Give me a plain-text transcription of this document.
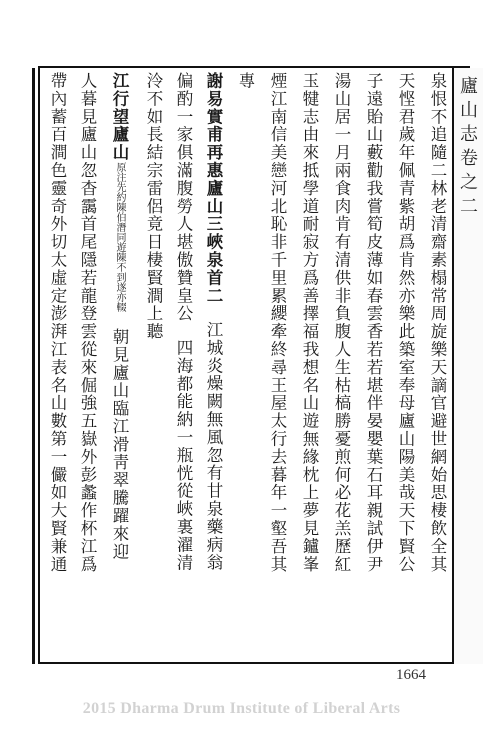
廬山志卷之二
泉恨不追隨二林老清齋素榻常周旋樂天謫官避世網始思棲飲全其
天悭君歲年佩青紫胡爲肯然亦樂此築室奉母廬山陽美哉天下賢公
子遠貽山藪勸我嘗筍皮薄如春雲香若若堪伴晏嬰葉石耳親試伊尹
湯山居一月兩食肉肯有清供非負腹人生枯槁勝憂煎何必花羔歷紅
玉犍志由來抵學道耐寂方爲善擇福我想名山遊無緣枕上夢見鑪峯
煙江南信美戀河北恥非千里累纓牽終尋王屋太行去暮年一壑吾其
專
謝易實甫再惠廬山三峽泉首二江城炎燥闕無風忽有甘泉藥病翁
偏酌一家俱滿腹勞人堪傲贊皇公四海都能納一瓶恍從峽裏濯清
泠不如長結宗雷侶竟日棲賢澗上聽
江行望廬山原注先約陳伯潛同遊陳不到遂亦輟朝見廬山臨江滑靑翠騰躍來迎
人暮見廬山忽杳靄首尾隱若龍登雲從來倔強五嶽外彭蠡作杯江爲
帶內蓄百澗色靈奇外切太虛定澎湃江表名山數第一儼如大賢兼通
1664
2015 Dharma Drum Institute of Liberal Arts
